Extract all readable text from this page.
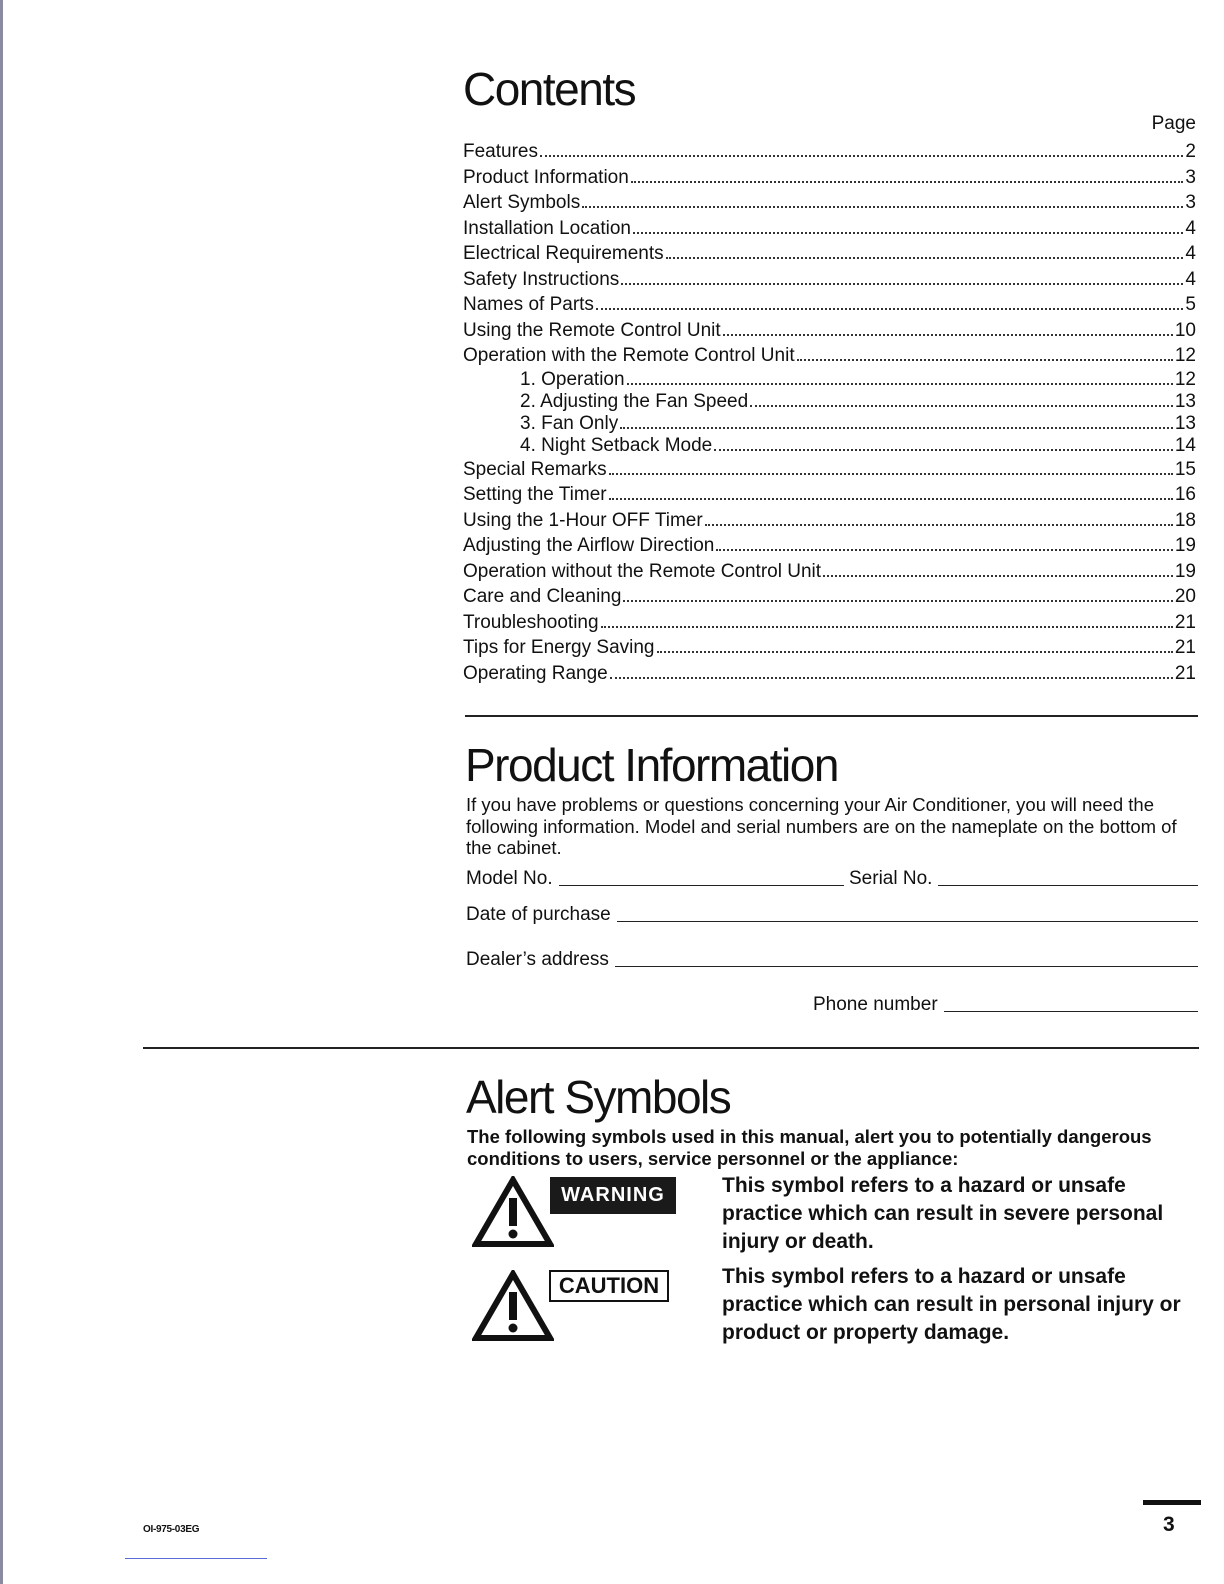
Contents
Page
Features	2
Product Information	3
Alert Symbols	3
Installation Location	4
Electrical Requirements	4
Safety Instructions	4
Names of Parts	5
Using the Remote Control Unit	10
Operation with the Remote Control Unit	12
1. Operation	12
2. Adjusting the Fan Speed	13
3. Fan Only	13
4. Night Setback Mode	14
Special Remarks	15
Setting the Timer	16
Using the 1-Hour OFF Timer	18
Adjusting the Airflow Direction	19
Operation without the Remote Control Unit	19
Care and Cleaning	20
Troubleshooting	21
Tips for Energy Saving	21
Operating Range	21
Product Information
If you have problems or questions concerning your Air Conditioner, you will need the following information. Model and serial numbers are on the nameplate on the bottom of the cabinet.
Model No.	Serial No.
Date of purchase
Dealer’s address
Phone number
Alert Symbols
The following symbols used in this manual, alert you to potentially dangerous conditions to users, service personnel or the appliance:
WARNING	This symbol refers to a hazard or unsafe practice which can result in severe personal injury or death.
CAUTION	This symbol refers to a hazard or unsafe practice which can result in personal injury or product or property damage.
OI-975-03EG	3
